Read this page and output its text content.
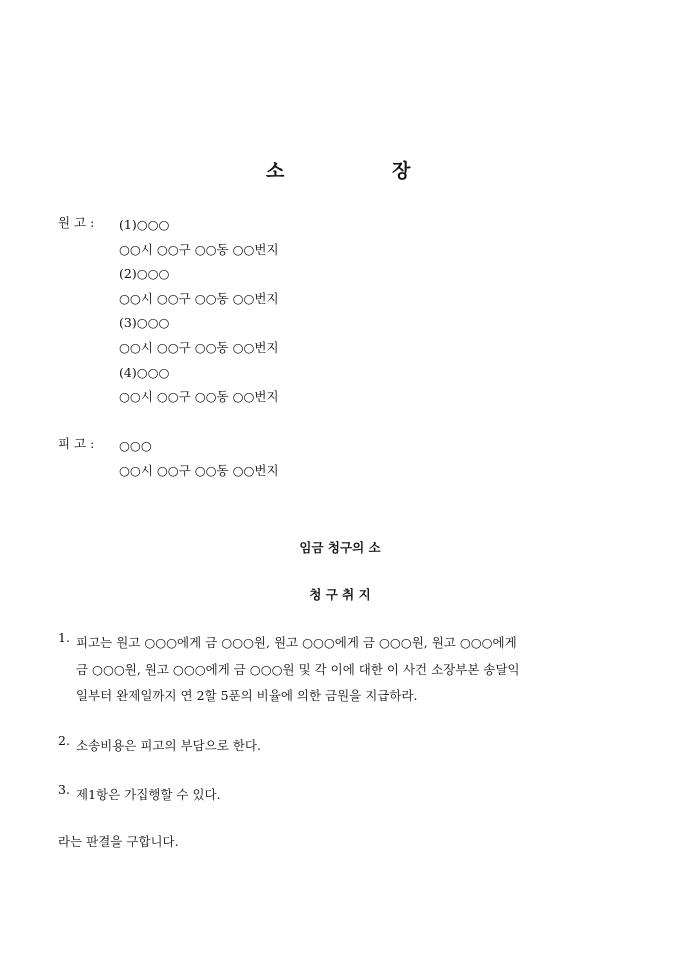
소	장
원 고 : (1)○○○
○○시 ○○구 ○○동 ○○번지
(2)○○○
○○시 ○○구 ○○동 ○○번지
(3)○○○
○○시 ○○구 ○○동 ○○번지
(4)○○○
○○시 ○○구 ○○동 ○○번지
피 고 : ○○○
○○시 ○○구 ○○동 ○○번지
임금 청구의 소
청 구 취 지
1. 피고는 원고 ○○○에게 금 ○○○원, 원고 ○○○에게 금 ○○○원, 원고 ○○○에게
금 ○○○원, 원고 ○○○에게 금 ○○○원 및 각 이에 대한 이 사건 소장부본 송달익
일부터 완제일까지 연 2할 5푼의 비율에 의한 금원을 지급하라.
2. 소송비용은 피고의 부담으로 한다.
3. 제1항은 가집행할 수 있다.
라는 판결을 구합니다.
